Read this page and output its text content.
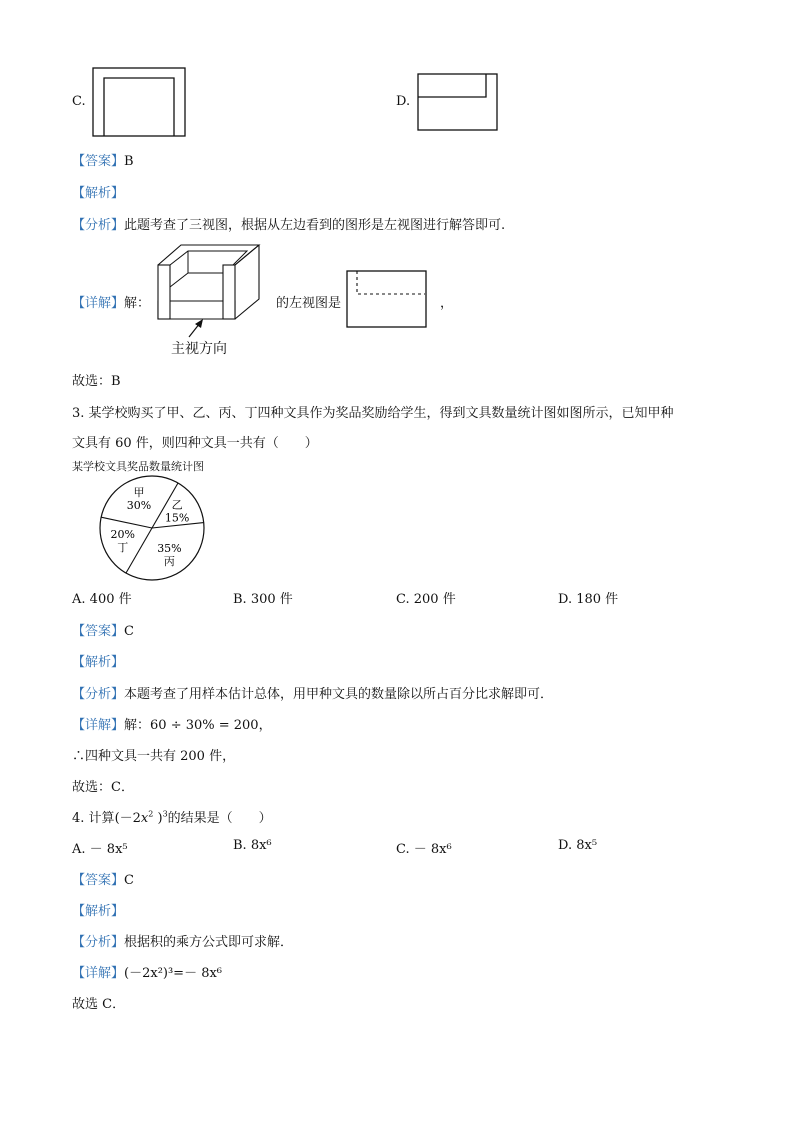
C.	D.
【答案】B
【解析】
【分析】此题考查了三视图，根据从左边看到的图形是左视图进行解答即可.
【详解】解：
主视方向
的左视图是	，
故选：B
3. 某学校购买了甲、乙、丙、丁四种文具作为奖品奖励给学生，得到文具数量统计图如图所示，已知甲种
文具有 60 件，则四种文具一共有（　　）
某学校文具奖品数量统计图
甲
30% 乙
15%
丙
35%
丁
20%
A. 400 件	B. 300 件	C. 200 件	D. 180 件
【答案】C
【解析】
【分析】本题考查了用样本估计总体，用甲种文具的数量除以所占百分比求解即可．
【详解】解：60 ÷ 30% = 200，
∴四种文具一共有 200 件，
故选：C．
4. 计算($-2x^2$ )$^3$的结果是（　　）
A. － 8x⁵	B. 8x⁶	C. － 8x⁶	D. 8x⁵
【答案】C
【解析】
【分析】根据积的乘方公式即可求解．
【详解】(－2x²)³=－ 8x⁶
故选 C．
